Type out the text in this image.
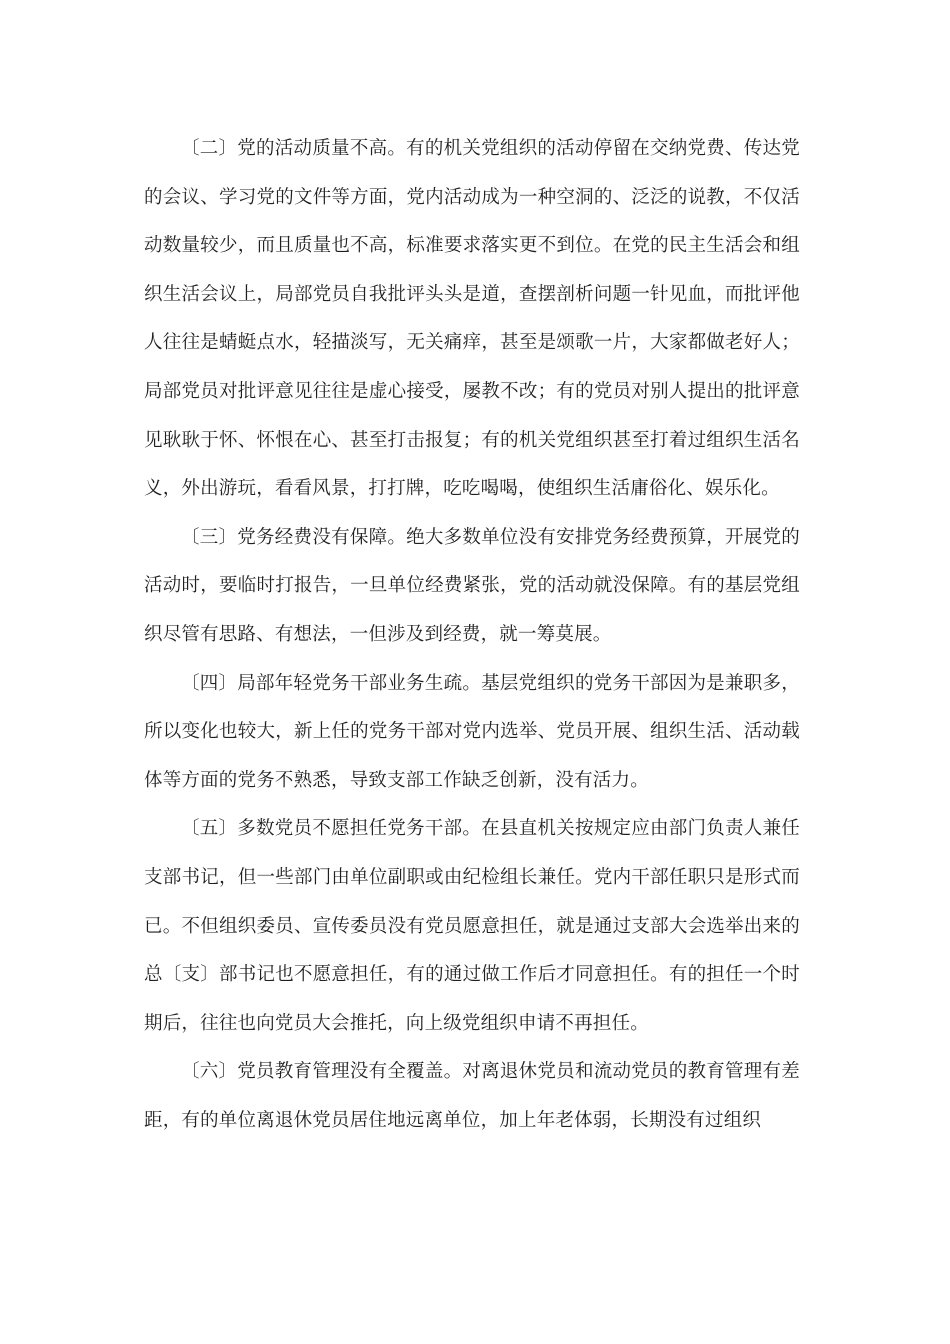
〔二〕党的活动质量不高。有的机关党组织的活动停留在交纳党费、传达党的会议、学习党的文件等方面，党内活动成为一种空洞的、泛泛的说教，不仅活动数量较少，而且质量也不高，标准要求落实更不到位。在党的民主生活会和组织生活会议上，局部党员自我批评头头是道，查摆剖析问题一针见血，而批评他人往往是蜻蜓点水，轻描淡写，无关痛痒，甚至是颂歌一片，大家都做老好人；局部党员对批评意见往往是虚心接受，屡教不改；有的党员对别人提出的批评意见耿耿于怀、怀恨在心、甚至打击报复；有的机关党组织甚至打着过组织生活名义，外出游玩，看看风景，打打牌，吃吃喝喝，使组织生活庸俗化、娱乐化。

〔三〕党务经费没有保障。绝大多数单位没有安排党务经费预算，开展党的活动时，要临时打报告，一旦单位经费紧张，党的活动就没保障。有的基层党组织尽管有思路、有想法，一但涉及到经费，就一筹莫展。

〔四〕局部年轻党务干部业务生疏。基层党组织的党务干部因为是兼职多，所以变化也较大，新上任的党务干部对党内选举、党员开展、组织生活、活动载体等方面的党务不熟悉，导致支部工作缺乏创新，没有活力。

〔五〕多数党员不愿担任党务干部。在县直机关按规定应由部门负责人兼任支部书记，但一些部门由单位副职或由纪检组长兼任。党内干部任职只是形式而已。不但组织委员、宣传委员没有党员愿意担任，就是通过支部大会选举出来的总〔支〕部书记也不愿意担任，有的通过做工作后才同意担任。有的担任一个时期后，往往也向党员大会推托，向上级党组织申请不再担任。

〔六〕党员教育管理没有全覆盖。对离退休党员和流动党员的教育管理有差距，有的单位离退休党员居住地远离单位，加上年老体弱，长期没有过组织
